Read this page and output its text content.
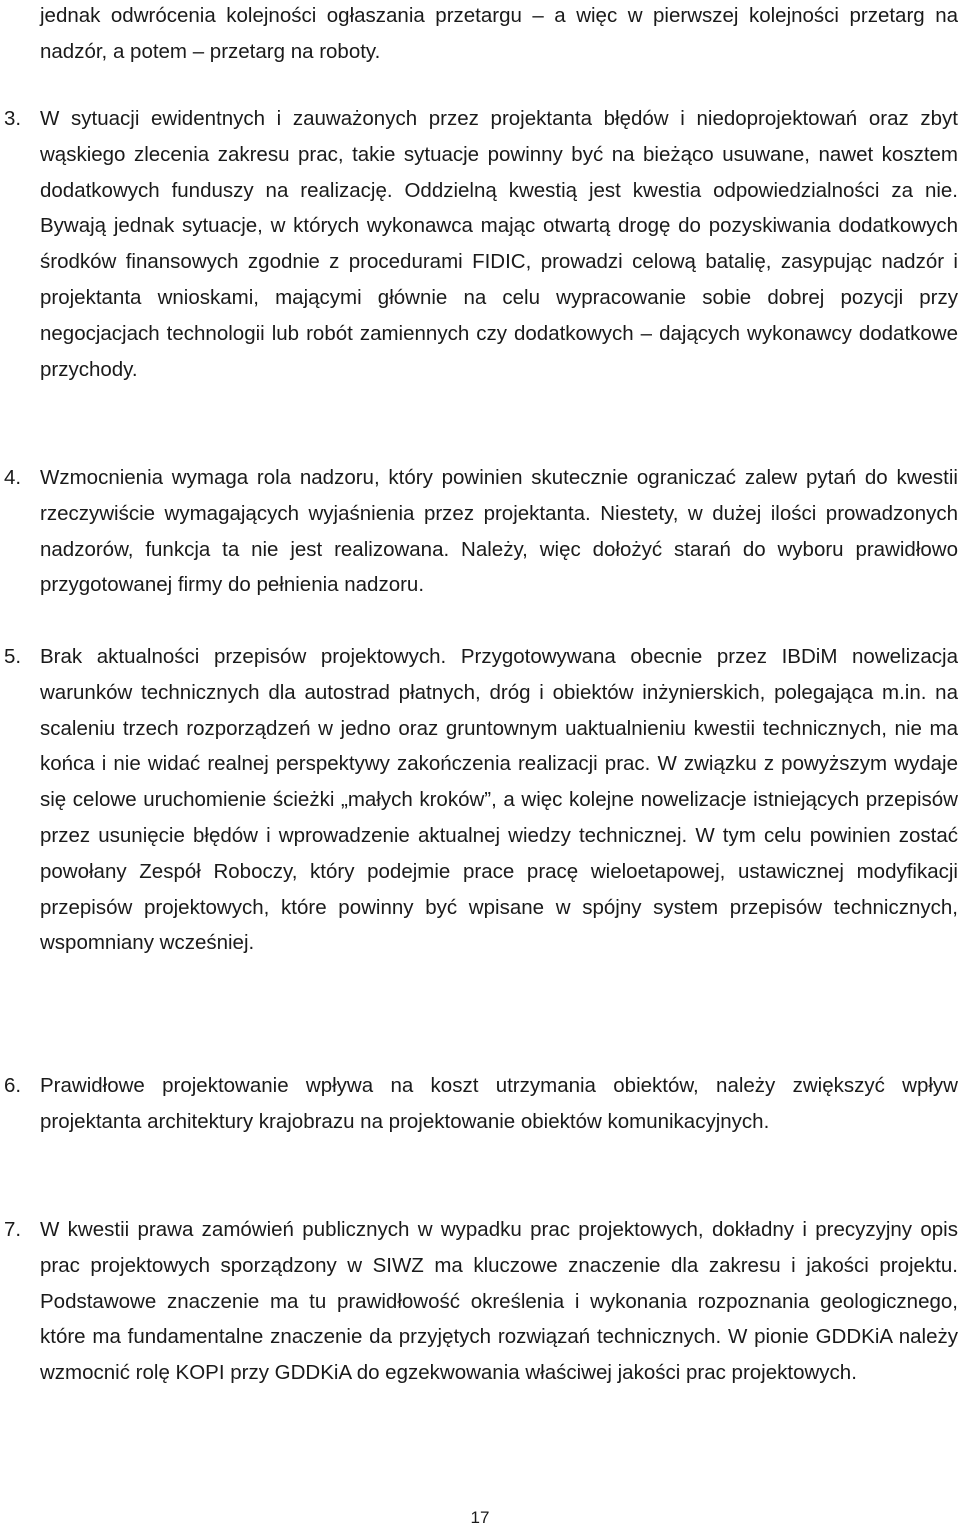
jednak odwrócenia kolejności ogłaszania przetargu – a więc w pierwszej kolejności przetarg na nadzór, a potem – przetarg na roboty.

3. W sytuacji ewidentnych i zauważonych przez projektanta błędów i niedoprojektowań oraz zbyt wąskiego zlecenia zakresu prac, takie sytuacje powinny być na bieżąco usuwane, nawet kosztem dodatkowych funduszy na realizację. Oddzielną kwestią jest kwestia odpowiedzialności za nie. Bywają jednak sytuacje, w których wykonawca mając otwartą drogę do pozyskiwania dodatkowych środków finansowych zgodnie z procedurami FIDIC, prowadzi celową batalię, zasypując nadzór i projektanta wnioskami, mającymi głównie na celu wypracowanie sobie dobrej pozycji przy negocjacjach technologii lub robót zamiennych czy dodatkowych – dających wykonawcy dodatkowe przychody.

4. Wzmocnienia wymaga rola nadzoru, który powinien skutecznie ograniczać zalew pytań do kwestii rzeczywiście wymagających wyjaśnienia przez projektanta. Niestety, w dużej ilości prowadzonych nadzorów, funkcja ta nie jest realizowana. Należy, więc dołożyć starań do wyboru prawidłowo przygotowanej firmy do pełnienia nadzoru.

5. Brak aktualności przepisów projektowych. Przygotowywana obecnie przez IBDiM nowelizacja warunków technicznych dla autostrad płatnych, dróg i obiektów inżynierskich, polegająca m.in. na scaleniu trzech rozporządzeń w jedno oraz gruntownym uaktualnieniu kwestii technicznych, nie ma końca i nie widać realnej perspektywy zakończenia realizacji prac. W związku z powyższym wydaje się celowe uruchomienie ścieżki „małych kroków”, a więc kolejne nowelizacje istniejących przepisów przez usunięcie błędów i wprowadzenie aktualnej wiedzy technicznej. W tym celu powinien zostać powołany Zespół Roboczy, który podejmie prace pracę wieloetapowej, ustawicznej modyfikacji przepisów projektowych, które powinny być wpisane w spójny system przepisów technicznych, wspomniany wcześniej.

6. Prawidłowe projektowanie wpływa na koszt utrzymania obiektów, należy zwiększyć wpływ projektanta architektury krajobrazu na projektowanie obiektów komunikacyjnych.

7. W kwestii prawa zamówień publicznych w wypadku prac projektowych, dokładny i precyzyjny opis prac projektowych sporządzony w SIWZ ma kluczowe znaczenie dla zakresu i jakości projektu. Podstawowe znaczenie ma tu prawidłowość określenia i wykonania rozpoznania geologicznego, które ma fundamentalne znaczenie da przyjętych rozwiązań technicznych. W pionie GDDKiA należy wzmocnić rolę KOPI przy GDDKiA do egzekwowania właściwej jakości prac projektowych.

17
